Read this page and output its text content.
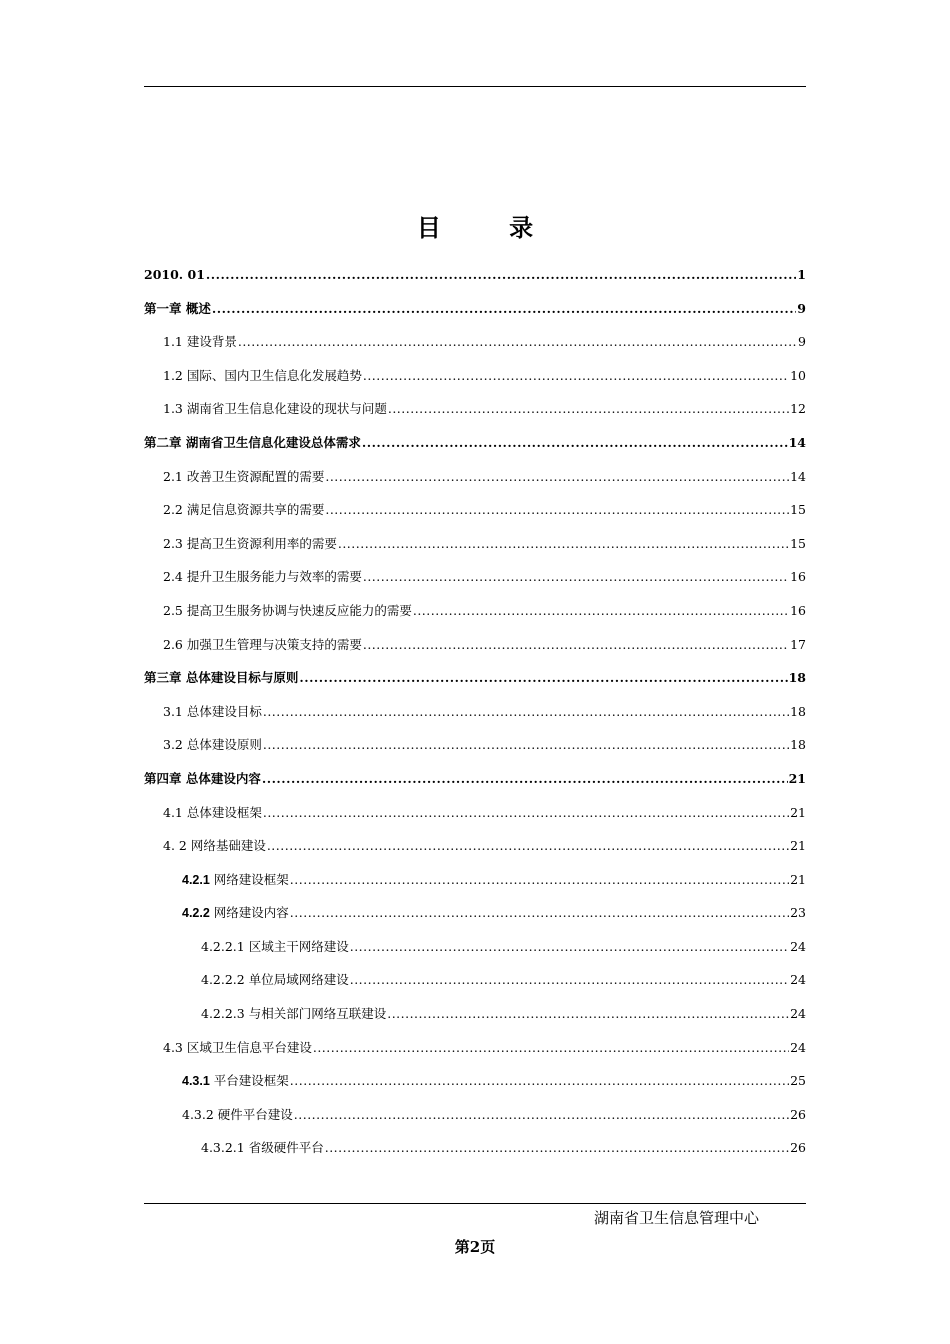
目 录
2010. 01 .....	1
第一章 概述 .....	9
1.1 建设背景 .....	9
1.2 国际、国内卫生信息化发展趋势 .....	10
1.3 湖南省卫生信息化建设的现状与问题 .....	12
第二章 湖南省卫生信息化建设总体需求 .....	14
2.1 改善卫生资源配置的需要 .....	14
2.2 满足信息资源共享的需要 .....	15
2.3 提高卫生资源利用率的需要 .....	15
2.4 提升卫生服务能力与效率的需要 .....	16
2.5 提高卫生服务协调与快速反应能力的需要 .....	16
2.6 加强卫生管理与决策支持的需要 .....	17
第三章 总体建设目标与原则 .....	18
3.1 总体建设目标 .....	18
3.2 总体建设原则 .....	18
第四章 总体建设内容 .....	21
4.1 总体建设框架 .....	21
4. 2 网络基础建设 .....	21
4.2.1 网络建设框架 .....	21
4.2.2 网络建设内容 .....	23
4.2.2.1 区域主干网络建设 .....	24
4.2.2.2 单位局域网络建设 .....	24
4.2.2.3 与相关部门网络互联建设 .....	24
4.3 区域卫生信息平台建设 .....	24
4.3.1 平台建设框架 .....	25
4.3.2 硬件平台建设 .....	26
4.3.2.1 省级硬件平台 .....	26
湖南省卫生信息管理中心
第2页
